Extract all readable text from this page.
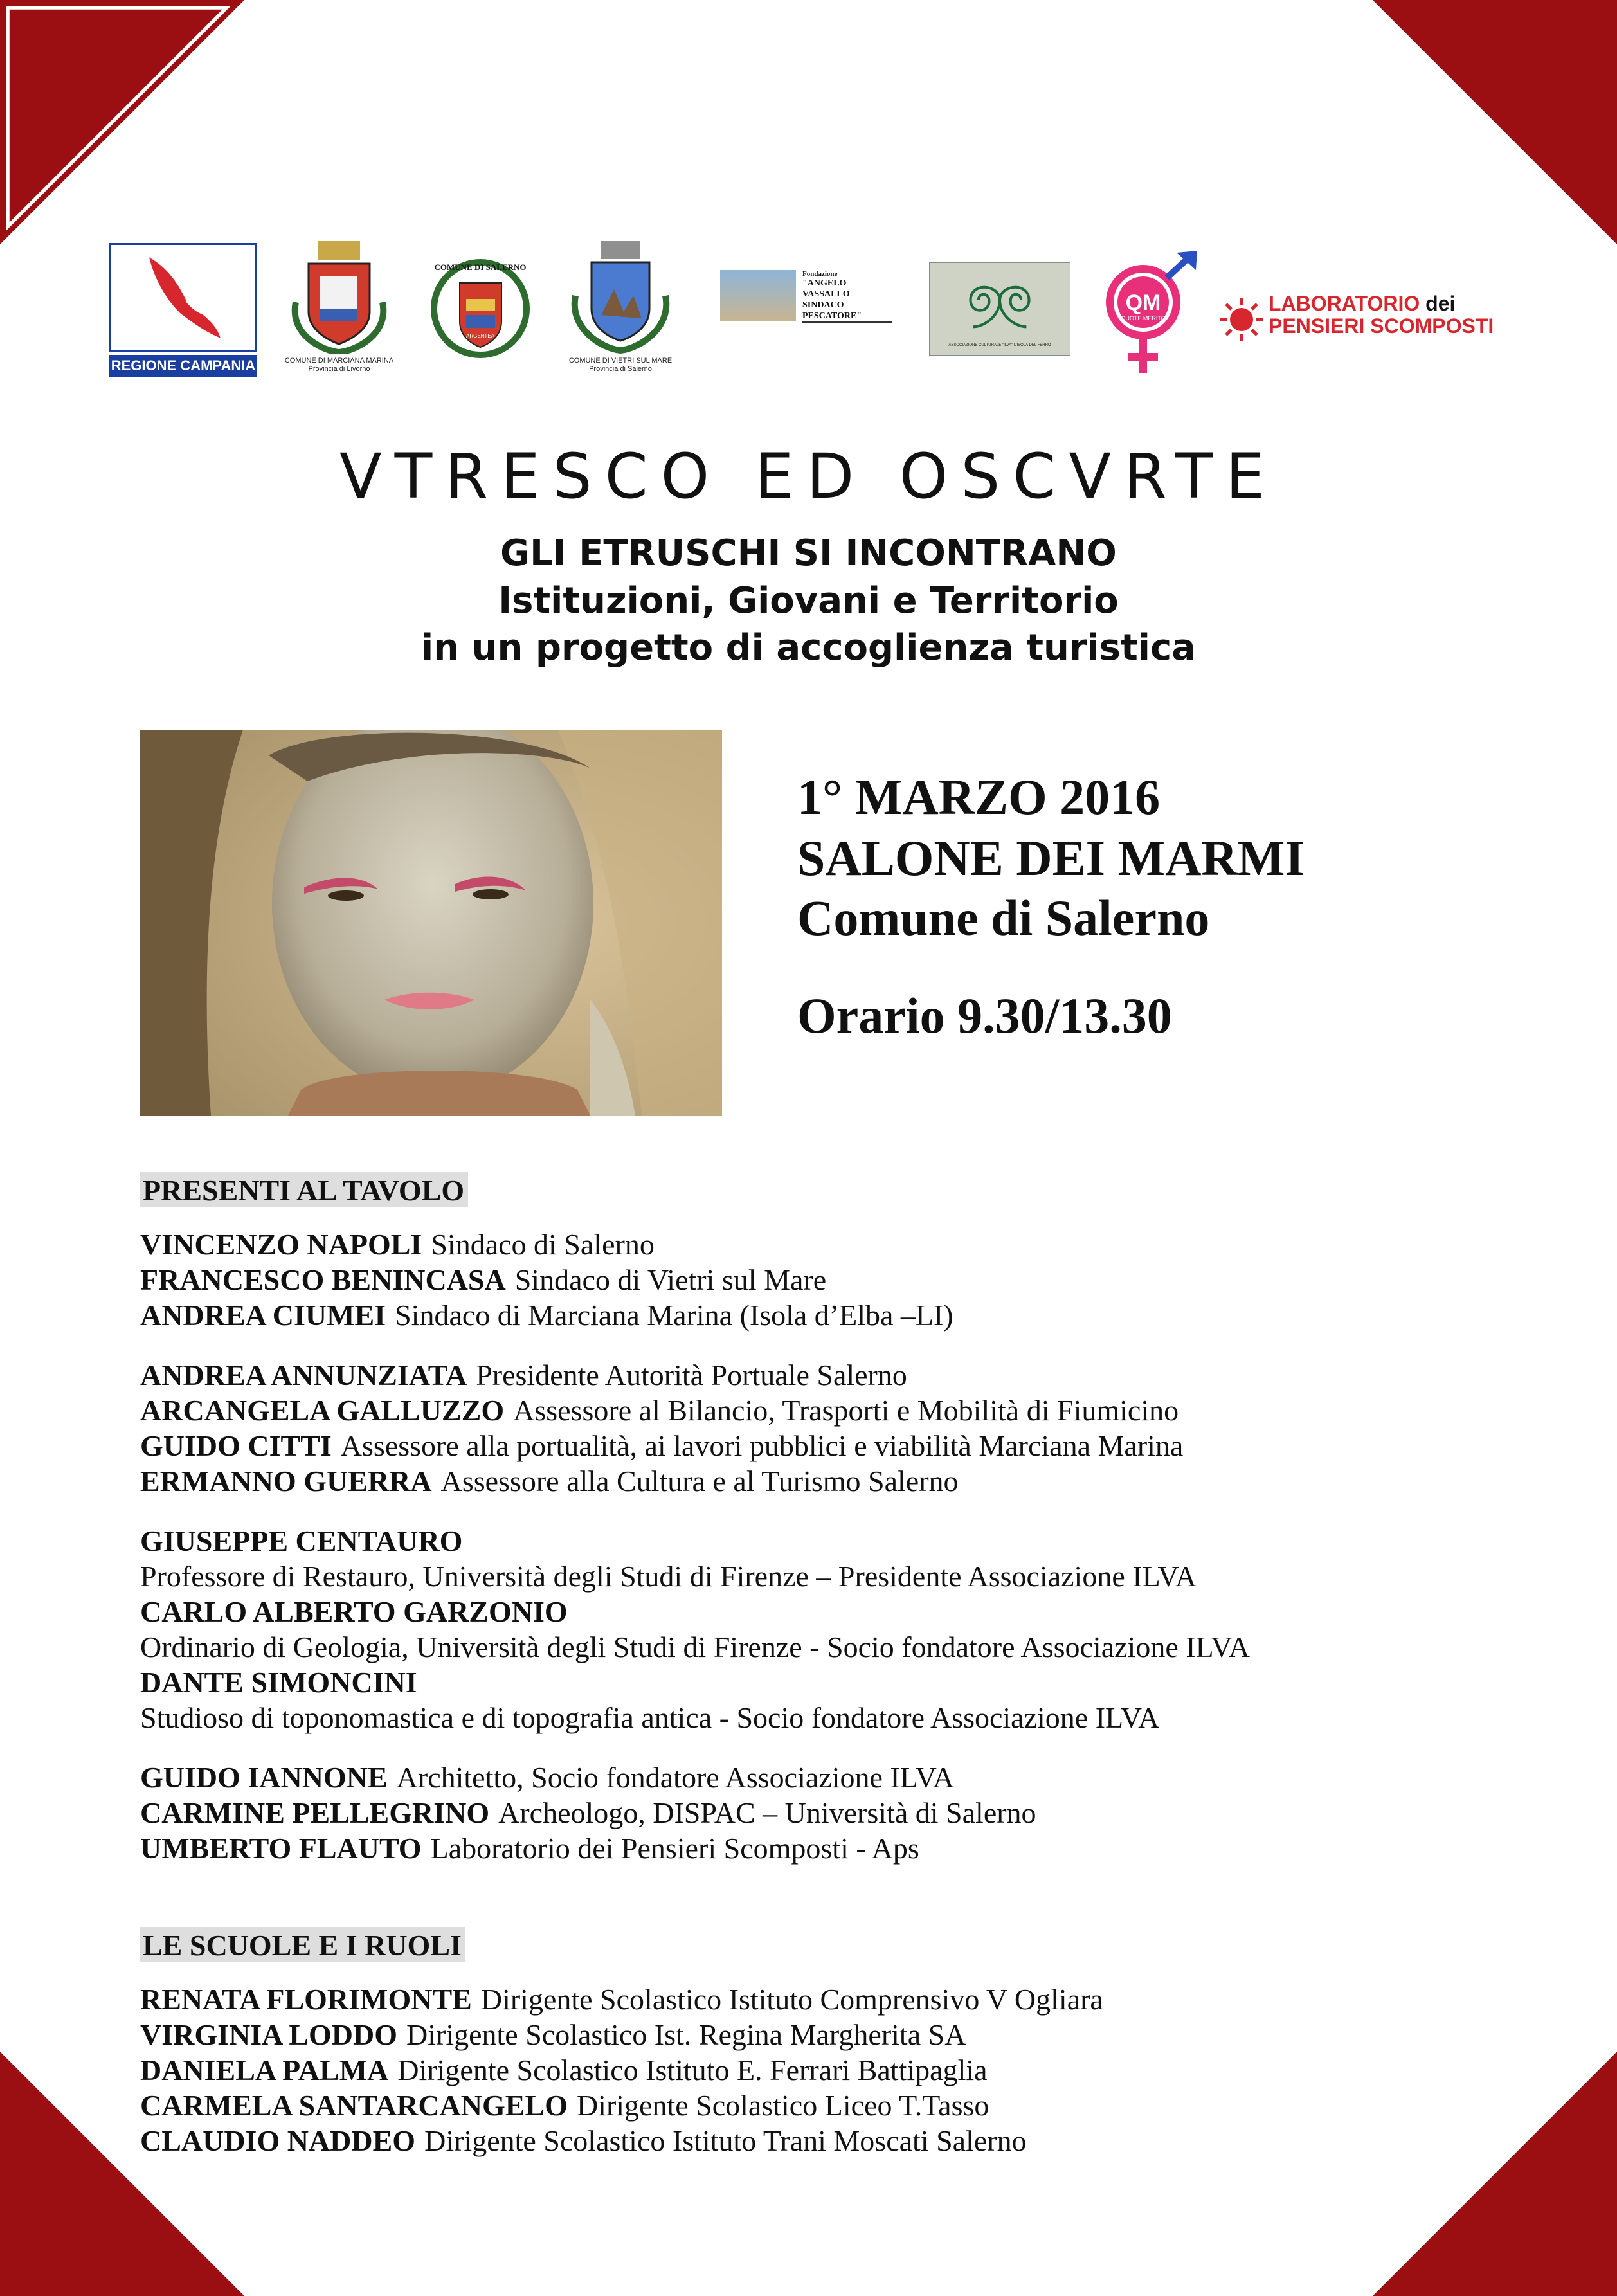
REGIONE CAMPANIA	COMUNE DI MARCIANA MARINA
Provincia di Livorno
COMUNE DI SALERNO
ARGENTEA
COMUNE DI VIETRI SUL MARE
Provincia di Salerno

Fondazione
"ANGELO VASSALLO
SINDACO PESCATORE"
ASSOCIAZIONE CULTURALE "ILVA" L'ISOLA DEL FERRO
QM
QUOTE MERITO
LABORATORIO dei
PENSIERI SCOMPOSTI
VTRESCO ED OSCVRTE
GLI ETRUSCHI SI INCONTRANO
Istituzioni, Giovani e Territorio
in un progetto di accoglienza turistica
1° MARZO 2016
SALONE DEI MARMI
Comune di Salerno
Orario 9.30/13.30
PRESENTI AL TAVOLO
VINCENZO NAPOLI Sindaco di Salerno
FRANCESCO BENINCASA Sindaco di Vietri sul Mare
ANDREA CIUMEI Sindaco di Marciana Marina (Isola d’Elba –LI)
ANDREA ANNUNZIATA Presidente Autorità Portuale Salerno
ARCANGELA GALLUZZO Assessore al Bilancio, Trasporti e Mobilità di Fiumicino
GUIDO CITTI Assessore alla portualità, ai lavori pubblici e viabilità Marciana Marina
ERMANNO GUERRA Assessore alla Cultura e al Turismo Salerno
GIUSEPPE CENTAURO
Professore di Restauro, Università degli Studi di Firenze – Presidente Associazione ILVA
CARLO ALBERTO GARZONIO
Ordinario di Geologia, Università degli Studi di Firenze - Socio fondatore Associazione ILVA
DANTE SIMONCINI
Studioso di toponomastica e di topografia antica - Socio fondatore Associazione ILVA
GUIDO IANNONE Architetto, Socio fondatore Associazione ILVA
CARMINE PELLEGRINO Archeologo, DISPAC – Università di Salerno
UMBERTO FLAUTO Laboratorio dei Pensieri Scomposti - Aps
LE SCUOLE E I RUOLI
RENATA FLORIMONTE Dirigente Scolastico Istituto Comprensivo V Ogliara
VIRGINIA LODDO Dirigente Scolastico Ist. Regina Margherita SA
DANIELA PALMA Dirigente Scolastico Istituto E. Ferrari Battipaglia
CARMELA SANTARCANGELO Dirigente Scolastico Liceo T.Tasso
CLAUDIO NADDEO Dirigente Scolastico Istituto Trani Moscati Salerno
